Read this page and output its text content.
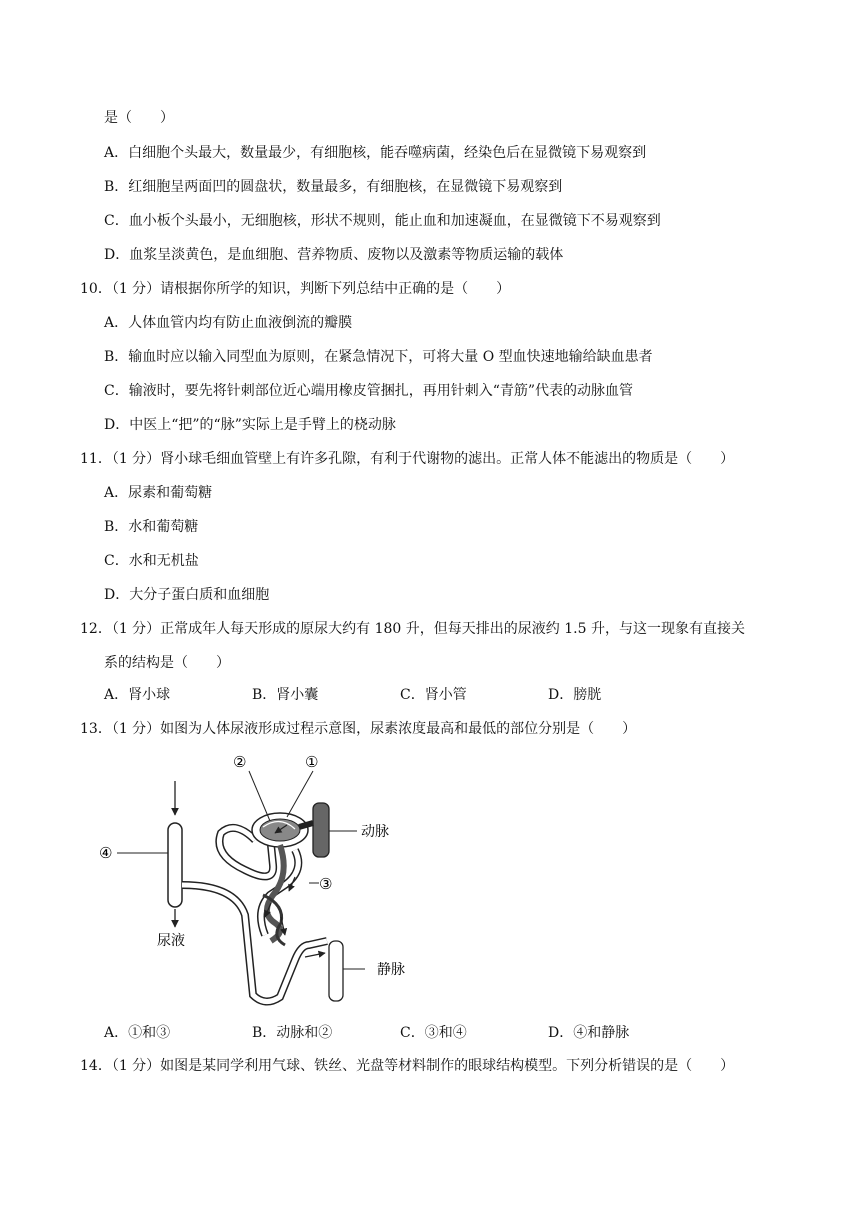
是（　　）
A．白细胞个头最大，数量最少，有细胞核，能吞噬病菌，经染色后在显微镜下易观察到
B．红细胞呈两面凹的圆盘状，数量最多，有细胞核，在显微镜下易观察到
C．血小板个头最小，无细胞核，形状不规则，能止血和加速凝血，在显微镜下不易观察到
D．血浆呈淡黄色，是血细胞、营养物质、废物以及激素等物质运输的载体
10．（1 分）请根据你所学的知识，判断下列总结中正确的是（　　）
A．人体血管内均有防止血液倒流的瓣膜
B．输血时应以输入同型血为原则，在紧急情况下，可将大量 O 型血快速地输给缺血患者
C．输液时，要先将针刺部位近心端用橡皮管捆扎，再用针刺入“青筋”代表的动脉血管
D．中医上“把”的“脉”实际上是手臂上的桡动脉
11．（1 分）肾小球毛细血管壁上有许多孔隙，有利于代谢物的滤出。正常人体不能滤出的物质是（　　）
A．尿素和葡萄糖
B．水和葡萄糖
C．水和无机盐
D．大分子蛋白质和血细胞
12．（1 分）正常成年人每天形成的原尿大约有 180 升，但每天排出的尿液约 1.5 升，与这一现象有直接关
系的结构是（　　）
A．肾小球	B．肾小囊	C．肾小管	D．膀胱
13．（1 分）如图为人体尿液形成过程示意图，尿素浓度最高和最低的部位分别是（　　）
②	①
③
④
动脉
静脉
尿液
A．①和③	B．动脉和②	C．③和④	D．④和静脉
14．（1 分）如图是某同学利用气球、铁丝、光盘等材料制作的眼球结构模型。下列分析错误的是（　　）
